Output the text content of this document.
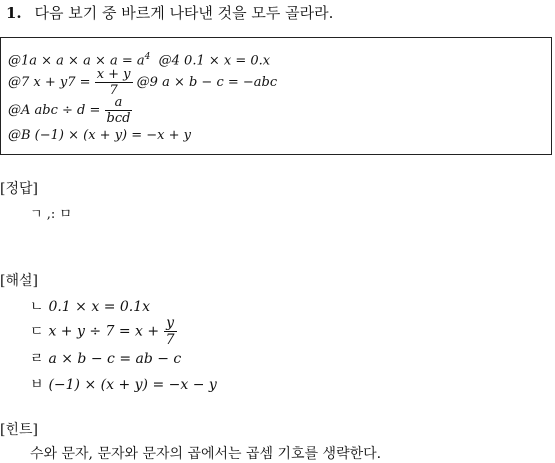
1. 다음 보기 중 바르게 나타낸 것을 모두 골라라.
@1a × $a \times a \times a = a^4$ @4 0.1 × x = 0.x
@7 $x + y7 = \frac{x + y}{7}$ @9 a × b − c = −abc
@A abc ÷ $d = \frac{a}{\text{bcd}}$
@B (−1) × (x + y) = −x + y
[정답]
ㄱ ,: ㅁ
[해설]
ㄴ 0.1 × x = 0.1x
ㄷ $x + y \div 7 = x + \frac{y}{7}$
ㄹ a × b − c = ab − c
ㅂ (−1) × (x + y) = −x − y
[힌트]
수와 문자, 문자와 문자의 곱에서는 곱셈 기호를 생략한다.
